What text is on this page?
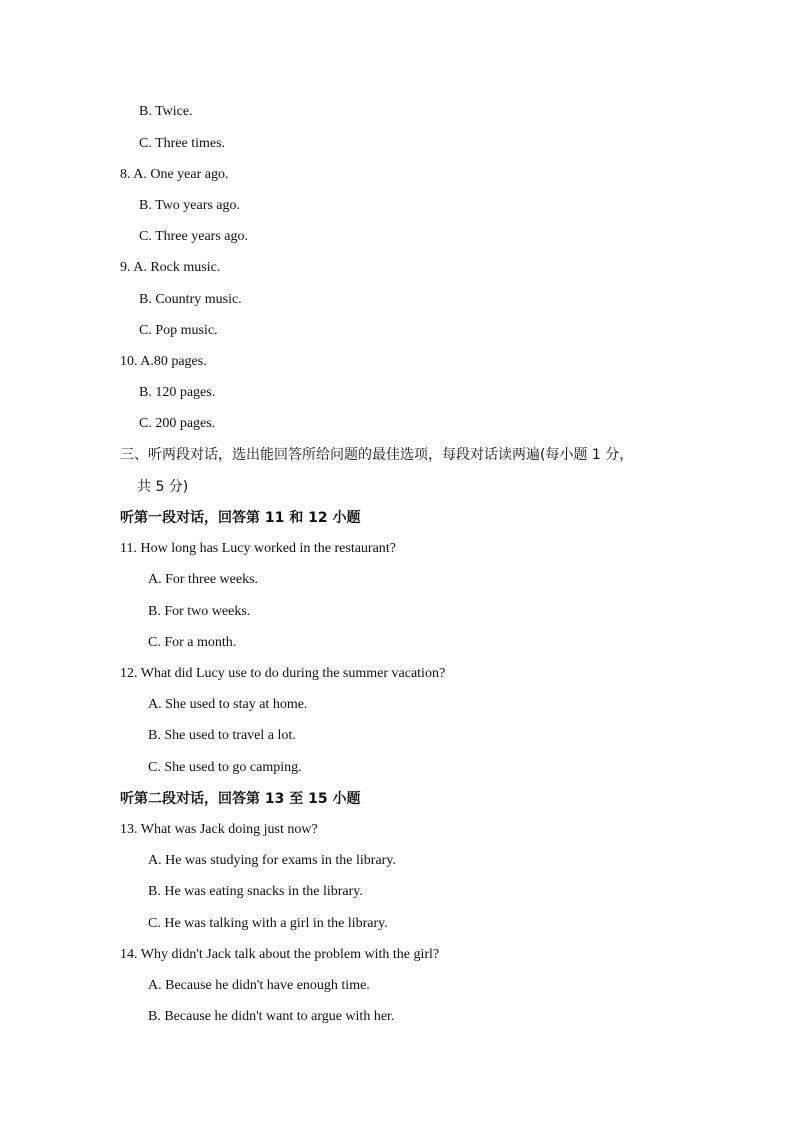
B. Twice.
C. Three times.
8. A. One year ago.
B. Two years ago.
C. Three years ago.
9. A. Rock music.
B. Country music.
C. Pop music.
10. A.80 pages.
B. 120 pages.
C. 200 pages.
三、听两段对话，选出能回答所给问题的最佳选项，每段对话读两遍(每小题 1 分，
共 5 分)
听第一段对话，回答第 11 和 12 小题
11. How long has Lucy worked in the restaurant?
A. For three weeks.
B. For two weeks.
C. For a month.
12. What did Lucy use to do during the summer vacation?
A. She used to stay at home.
B. She used to travel a lot.
C. She used to go camping.
听第二段对话，回答第 13 至 15 小题
13. What was Jack doing just now?
A. He was studying for exams in the library.
B. He was eating snacks in the library.
C. He was talking with a girl in the library.
14. Why didn't Jack talk about the problem with the girl?
A. Because he didn't have enough time.
B. Because he didn't want to argue with her.
